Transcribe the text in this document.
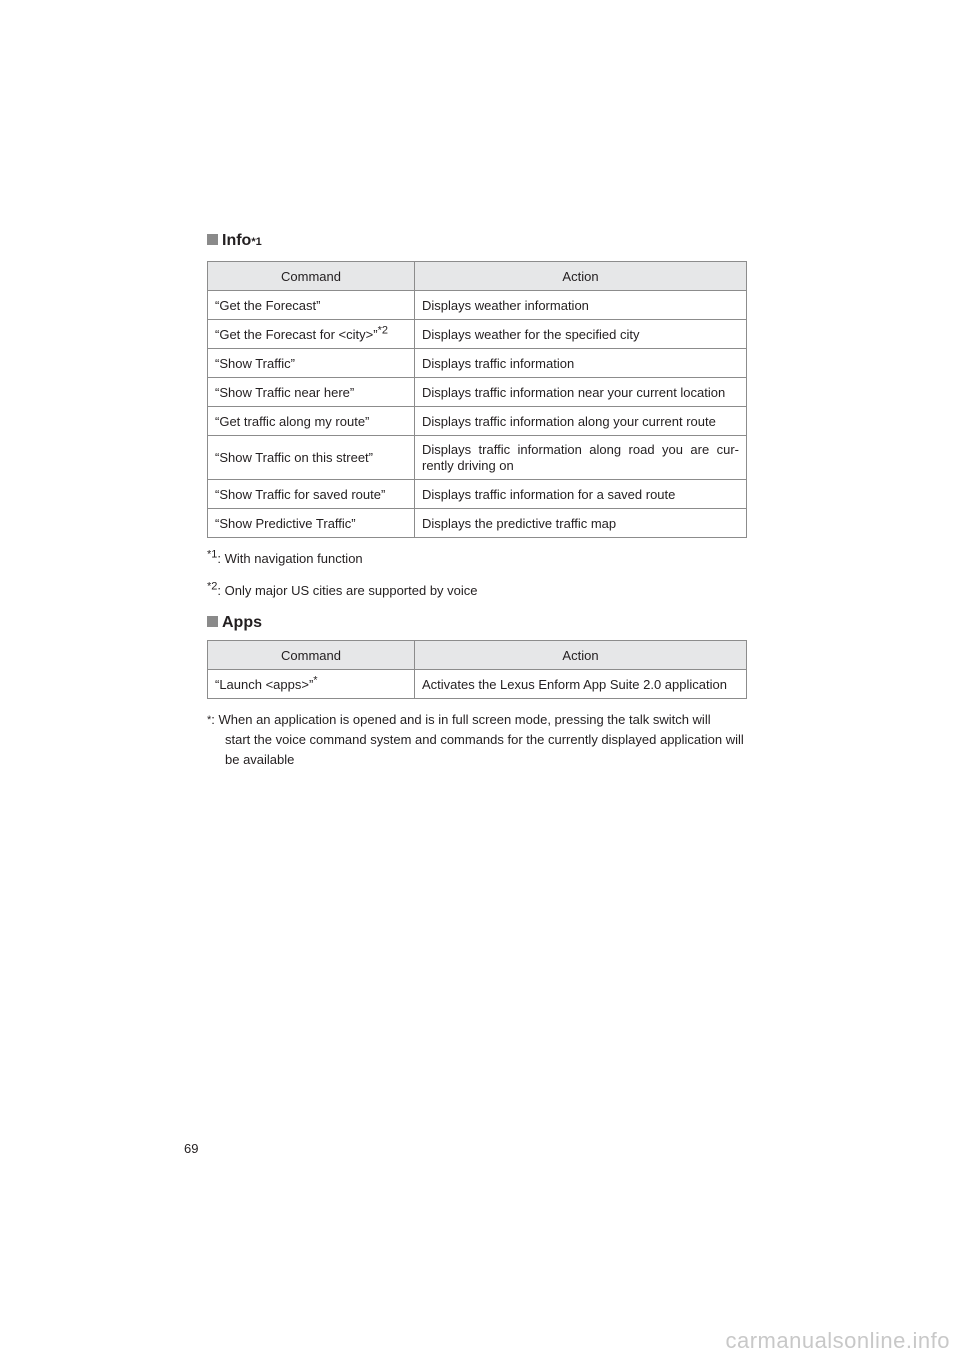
Info *1
Command	Action
“Get the Forecast”	Displays weather information
“Get the Forecast for <city>”$^{*2}$	Displays weather for the specified city
“Show Traffic”	Displays traffic information
“Show Traffic near here”	Displays traffic information near your current location
“Get traffic along my route”	Displays traffic information along your current route
“Show Traffic on this street”	Displays traffic information along road you are cur-rently driving on
“Show Traffic for saved route”	Displays traffic information for a saved route
“Show Predictive Traffic”	Displays the predictive traffic map
$^{*1}$: With navigation function
$^{*2}$: Only major US cities are supported by voice
Apps
Command	Action
“Launch <apps>”*	Activates the Lexus Enform App Suite 2.0 application
* : When an application is opened and is in full screen mode, pressing the talk switch will
start the voice command system and commands for the currently displayed application will be available
69
carmanualsonline.info
